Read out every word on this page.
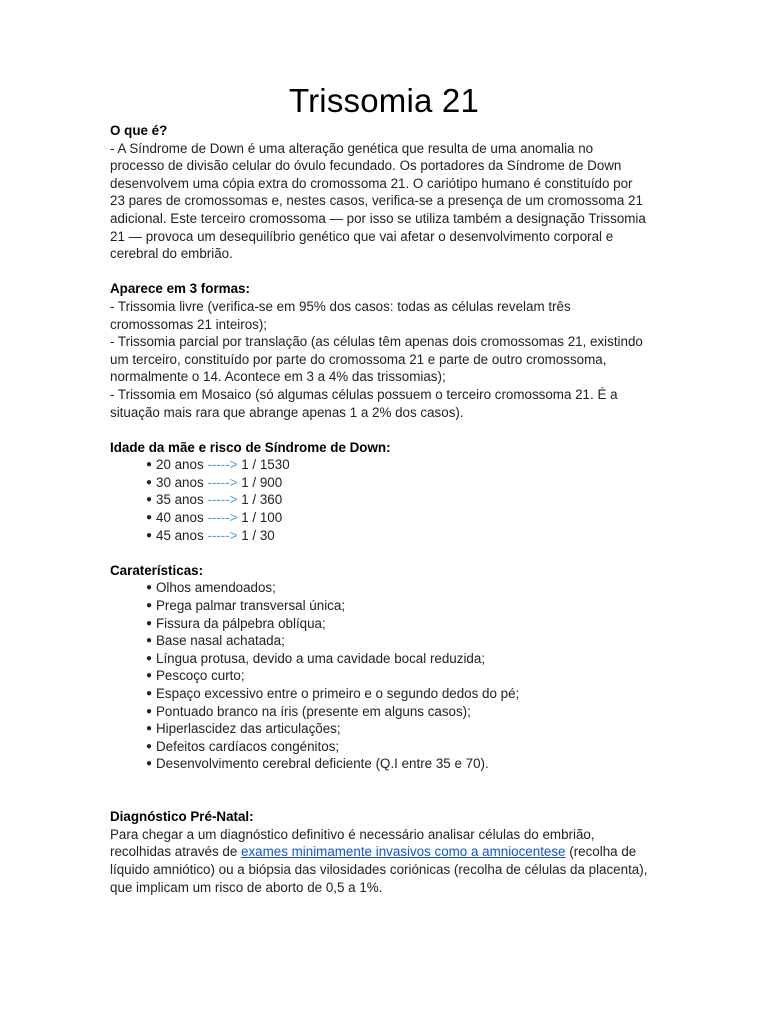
Trissomia 21
O que é?

- A Síndrome de Down é uma alteração genética que resulta de uma anomalia no processo de divisão celular do óvulo fecundado. Os portadores da Síndrome de Down desenvolvem uma cópia extra do cromossoma 21. O cariótipo humano é constituído por 23 pares de cromossomas e, nestes casos, verifica-se a presença de um cromossoma 21 adicional. Este terceiro cromossoma — por isso se utiliza também a designação Trissomia 21 — provoca um desequilíbrio genético que vai afetar o desenvolvimento corporal e cerebral do embrião.

Aparece em 3 formas:
- Trissomia livre (verifica-se em 95% dos casos: todas as células revelam três cromossomas 21 inteiros);
- Trissomia parcial por translação (as células têm apenas dois cromossomas 21, existindo um terceiro, constituído por parte do cromossoma 21 e parte de outro cromossoma, normalmente o 14. Acontece em 3 a 4% das trissomias);
- Trissomia em Mosaico (só algumas células possuem o terceiro cromossoma 21. É a situação mais rara que abrange apenas 1 a 2% dos casos).
Idade da mãe e risco de Síndrome de Down:
● 20 anos -----> 1 / 1530
● 30 anos -----> 1 / 900
● 35 anos -----> 1 / 360
● 40 anos -----> 1 / 100
● 45 anos -----> 1 / 30
Caraterísticas:
● Olhos amendoados;
● Prega palmar transversal única;
● Fissura da pálpebra oblíqua;
● Base nasal achatada;
● Língua protusa, devido a uma cavidade bocal reduzida;
● Pescoço curto;
● Espaço excessivo entre o primeiro e o segundo dedos do pé;
● Pontuado branco na íris (presente em alguns casos);
● Hiperlascidez das articulações;
● Defeitos cardíacos congénitos;
● Desenvolvimento cerebral deficiente (Q.I entre 35 e 70).
Diagnóstico Pré-Natal:

Para chegar a um diagnóstico definitivo é necessário analisar células do embrião, recolhidas através de exames minimamente invasivos como a amniocentese (recolha de líquido amniótico) ou a biópsia das vilosidades coriónicas (recolha de células da placenta), que implicam um risco de aborto de 0,5 a 1%.
